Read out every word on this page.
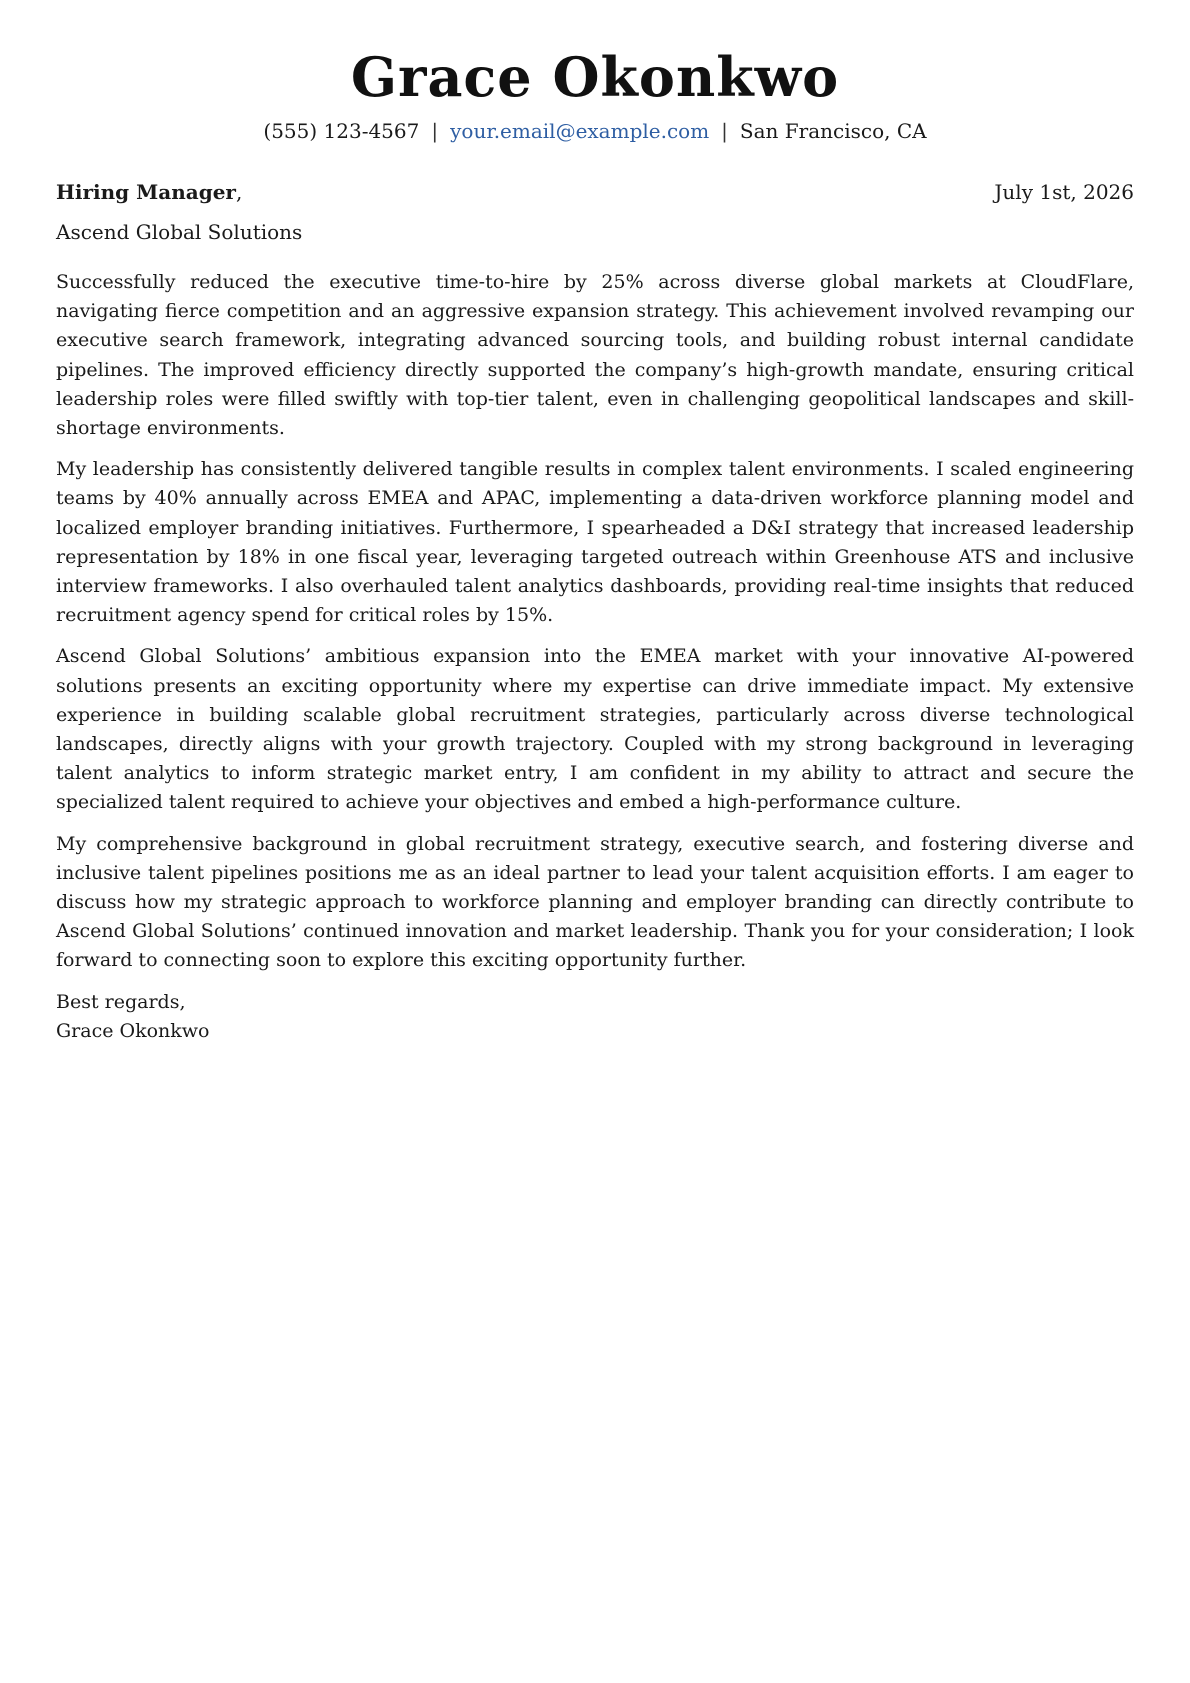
Grace Okonkwo
(555) 123-4567 | your.email@example.com | San Francisco, CA
Hiring Manager,	July 1st, 2026
Ascend Global Solutions

Successfully reduced the executive time-to-hire by 25% across diverse global markets at CloudFlare, navigating fierce competition and an aggressive expansion strategy. This achievement involved revamping our executive search framework, integrating advanced sourcing tools, and building robust internal candidate pipelines. The improved efficiency directly supported the company’s high-growth mandate, ensuring critical leadership roles were filled swiftly with top-tier talent, even in challenging geopolitical landscapes and skill-shortage environments.

My leadership has consistently delivered tangible results in complex talent environments. I scaled engineering teams by 40% annually across EMEA and APAC, implementing a data-driven workforce planning model and localized employer branding initiatives. Furthermore, I spearheaded a D&I strategy that increased leadership representation by 18% in one fiscal year, leveraging targeted outreach within Greenhouse ATS and inclusive interview frameworks. I also overhauled talent analytics dashboards, providing real-time insights that reduced recruitment agency spend for critical roles by 15%.

Ascend Global Solutions’ ambitious expansion into the EMEA market with your innovative AI-powered solutions presents an exciting opportunity where my expertise can drive immediate impact. My extensive experience in building scalable global recruitment strategies, particularly across diverse technological landscapes, directly aligns with your growth trajectory. Coupled with my strong background in leveraging talent analytics to inform strategic market entry, I am confident in my ability to attract and secure the specialized talent required to achieve your objectives and embed a high-performance culture.

My comprehensive background in global recruitment strategy, executive search, and fostering diverse and inclusive talent pipelines positions me as an ideal partner to lead your talent acquisition efforts. I am eager to discuss how my strategic approach to workforce planning and employer branding can directly contribute to Ascend Global Solutions’ continued innovation and market leadership. Thank you for your consideration; I look forward to connecting soon to explore this exciting opportunity further.

Best regards,
Grace Okonkwo
